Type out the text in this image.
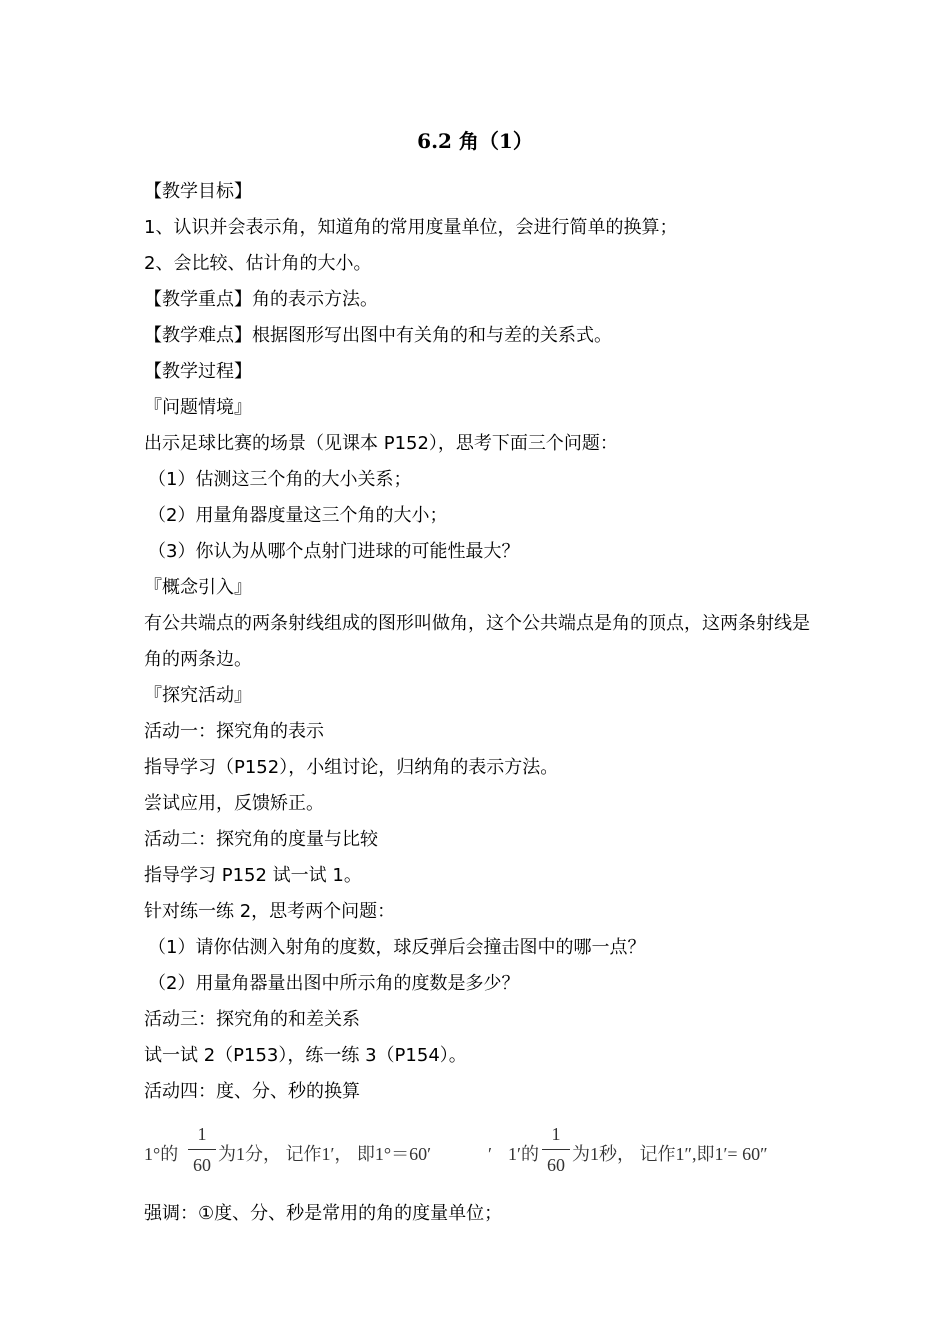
6.2 角（1）
【教学目标】
1、认识并会表示角，知道角的常用度量单位，会进行简单的换算；
2、会比较、估计角的大小。
【教学重点】角的表示方法。
【教学难点】根据图形写出图中有关角的和与差的关系式。
【教学过程】
『问题情境』
出示足球比赛的场景（见课本 P152），思考下面三个问题：
（1）估测这三个角的大小关系；
（2）用量角器度量这三个角的大小；
（3）你认为从哪个点射门进球的可能性最大？
『概念引入』
有公共端点的两条射线组成的图形叫做角，这个公共端点是角的顶点，这两条射线是角的两条边。
『探究活动』
活动一：探究角的表示
指导学习（P152），小组讨论，归纳角的表示方法。
尝试应用，反馈矫正。
活动二：探究角的度量与比较
指导学习 P152 试一试 1。
针对练一练 2，思考两个问题：
（1）请你估测入射角的度数，球反弹后会撞击图中的哪一点？
（2）用量角器量出图中所示角的度数是多少？
活动三：探究角的和差关系
试一试 2（P153），练一练 3（P154）。
活动四：度、分、秒的换算
1°的
1
60
为1分， 记作1′， 即1°＝60′	′ 1′的
1
60
为1秒， 记作1″,即1′= 60″
强调：①度、分、秒是常用的角的度量单位；
